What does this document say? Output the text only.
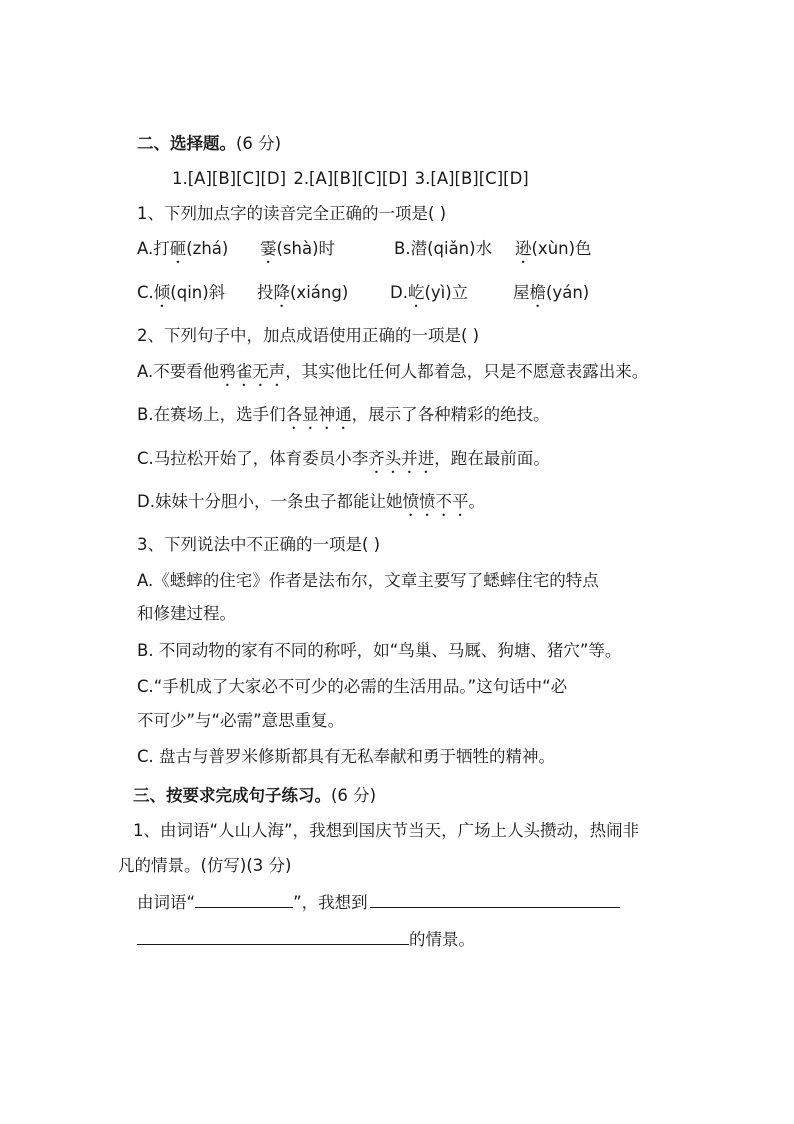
二、选择题。(6 分)
1.[A][B][C][D] 2.[A][B][C][D] 3.[A][B][C][D]
1、下列加点字的读音完全正确的一项是( )
A.打砸(zhá) 霎(shà)时	B.潜(qiǎn)水 逊(xùn)色
C.倾(qin)斜 投降(xiáng)	D.屹(yì)立	屋檐(yán)
2、下列句子中，加点成语使用正确的一项是( )
A.不要看他鸦雀无声，其实他比任何人都着急，只是不愿意表露出来。
B.在赛场上，选手们各显神通，展示了各种精彩的绝技。
C.马拉松开始了，体育委员小李齐头并进，跑在最前面。
D.妹妹十分胆小，一条虫子都能让她愤愤不平。
3、下列说法中不正确的一项是( )
A.《蟋蟀的住宅》作者是法布尔，文章主要写了蟋蟀住宅的特点
和修建过程。
B. 不同动物的家有不同的称呼，如“鸟巢、马厩、狗塘、猪穴”等。
C.“手机成了大家必不可少的必需的生活用品。”这句话中“必
不可少”与“必需”意思重复。
C. 盘古与普罗米修斯都具有无私奉献和勇于牺牲的精神。
三、按要求完成句子练习。(6 分)
1、由词语“人山人海”，我想到国庆节当天，广场上人头攒动，热闹非
凡的情景。(仿写)(3 分)
由词语“	”，我想到
的情景。
